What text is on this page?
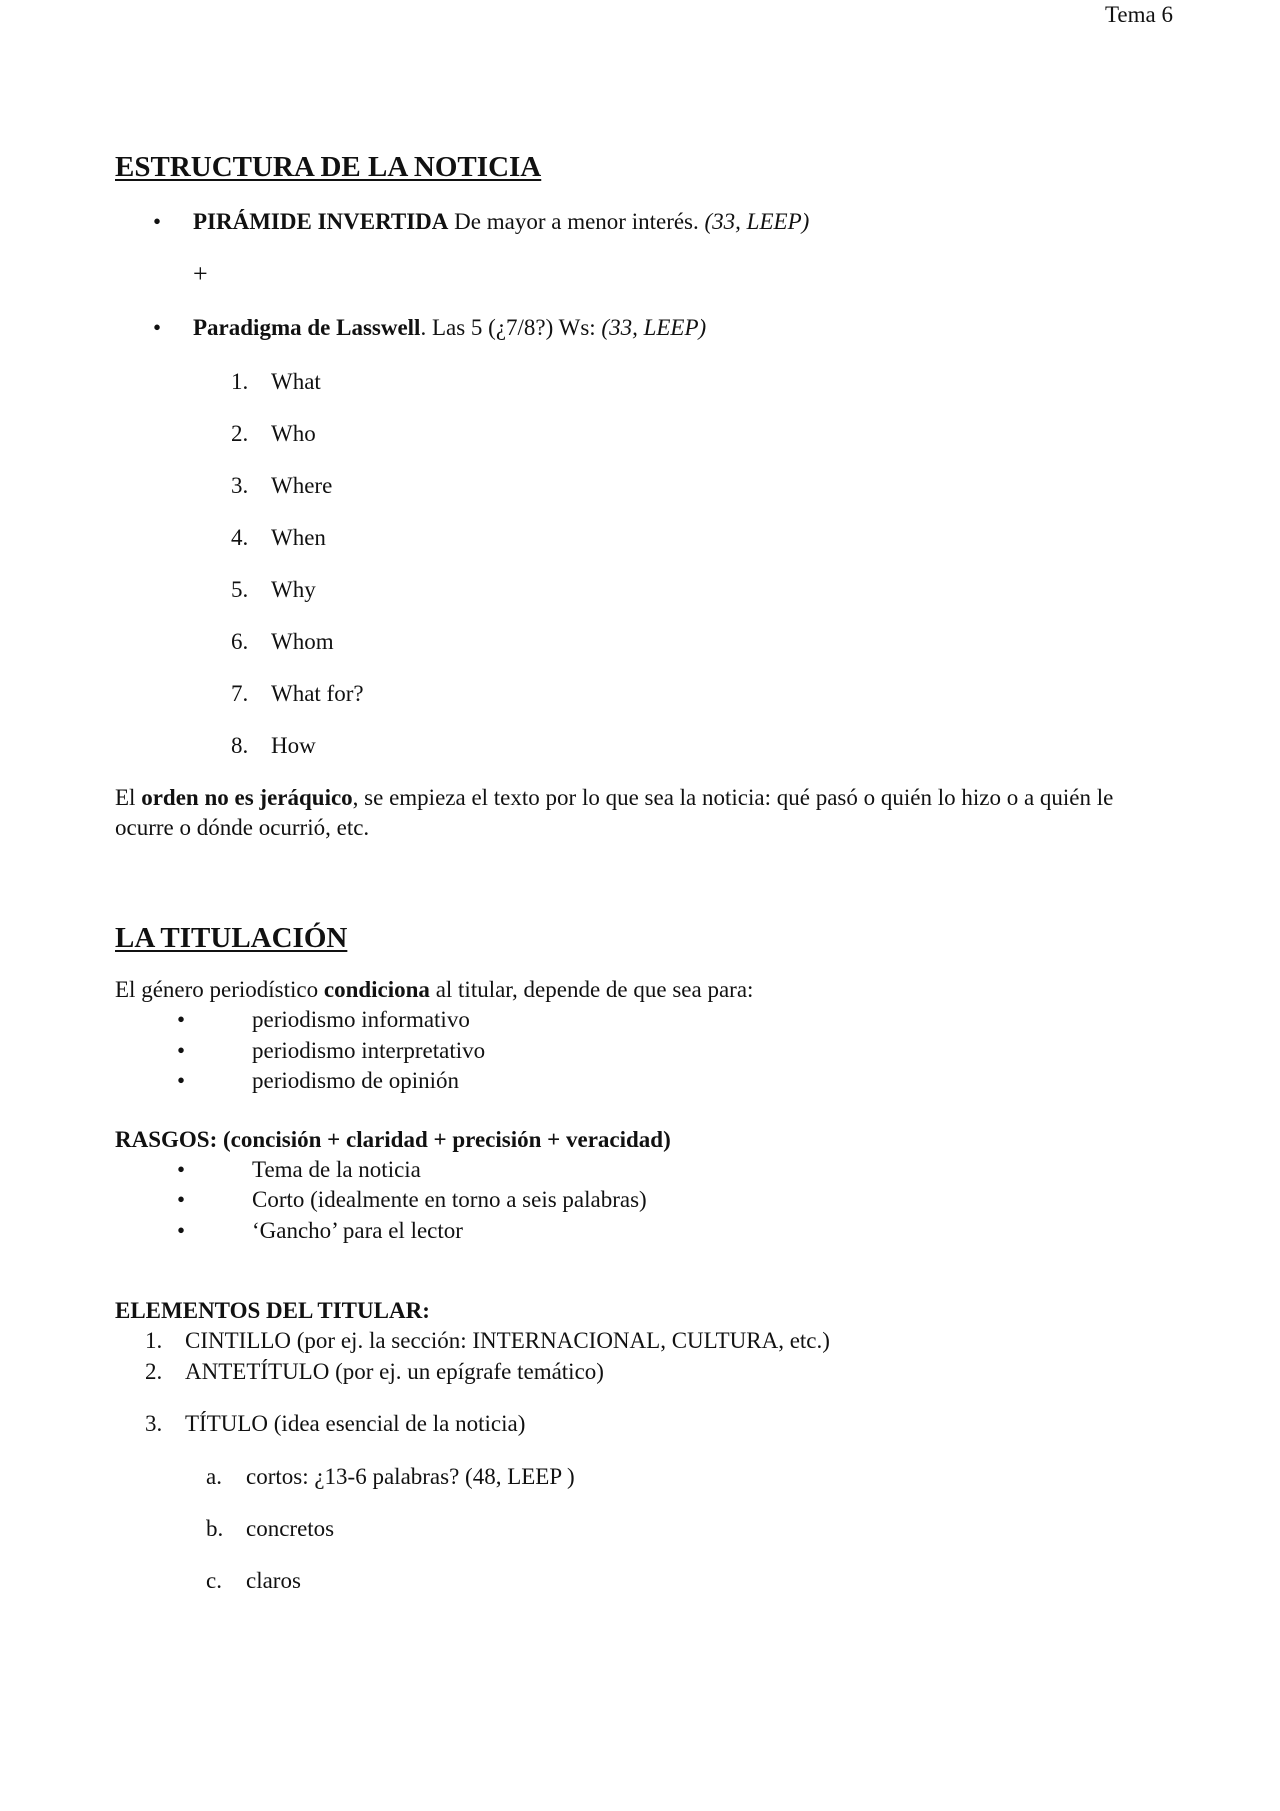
Tema 6
ESTRUCTURA DE LA NOTICIA
• PIRÁMIDE INVERTIDA De mayor a menor interés. (33, LEEP)
+
• Paradigma de Lasswell. Las 5 (¿7/8?) Ws: (33, LEEP)
1. What
2. Who
3. Where
4. When
5. Why
6. Whom
7. What for?
8. How

El orden no es jeráquico, se empieza el texto por lo que sea la noticia: qué pasó o quién lo hizo o a quién le ocurre o dónde ocurrió, etc.

LA TITULACIÓN

El género periodístico condiciona al titular, depende de que sea para:

•	periodismo informativo
•	periodismo interpretativo
•	periodismo de opinión
RASGOS: (concisión + claridad + precisión + veracidad)
•	Tema de la noticia
•	Corto (idealmente en torno a seis palabras)
•	‘Gancho’ para el lector
ELEMENTOS DEL TITULAR:
1. CINTILLO (por ej. la sección: INTERNACIONAL, CULTURA, etc.)
2. ANTETÍTULO (por ej. un epígrafe temático)
3. TÍTULO (idea esencial de la noticia)
a. cortos: ¿13-6 palabras? (48, LEEP )
b. concretos
c. claros
